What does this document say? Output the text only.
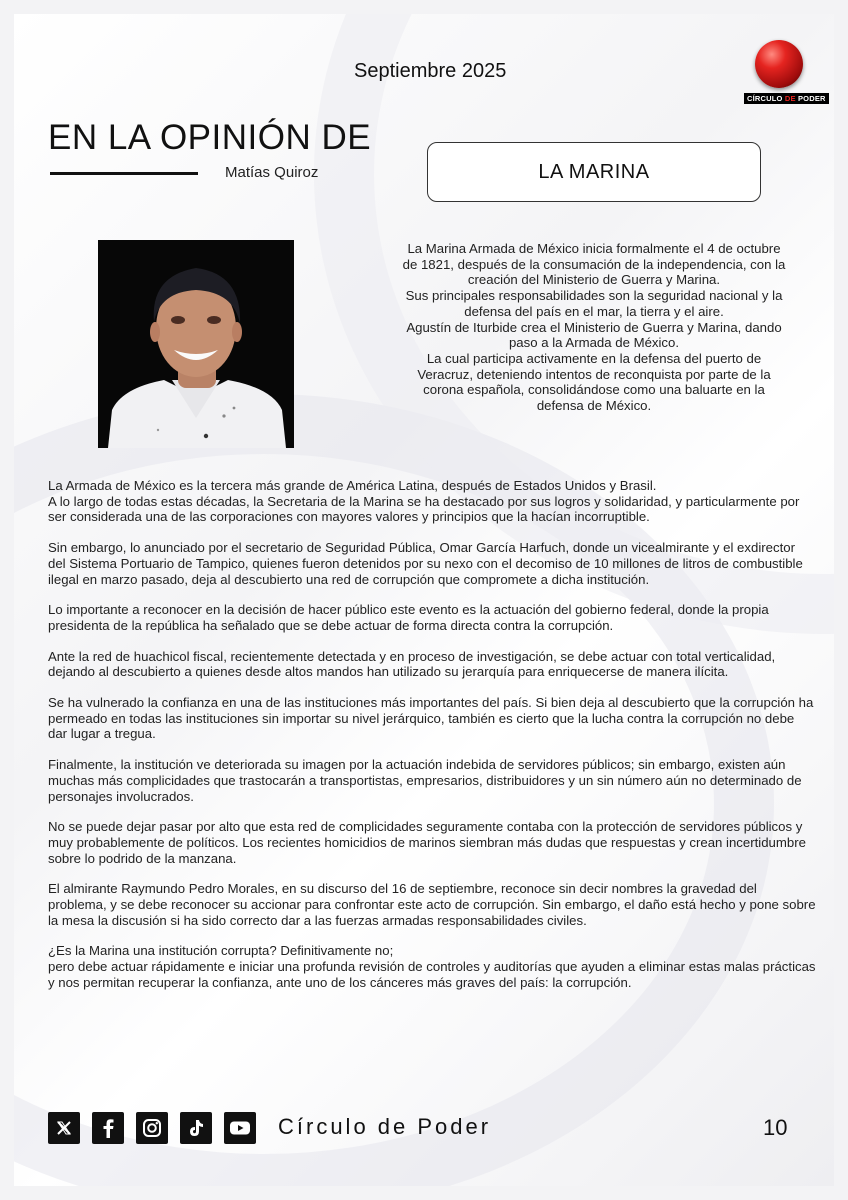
Septiembre 2025
CÍRCULO DE PODER
EN LA OPINIÓN DE
Matías Quiroz	LA MARINA
La Marina Armada de México inicia formalmente el 4 de octubre de 1821, después de la consumación de la independencia, con la creación del Ministerio de Guerra y Marina.
Sus principales responsabilidades son la seguridad nacional y la defensa del país en el mar, la tierra y el aire.
Agustín de Iturbide crea el Ministerio de Guerra y Marina, dando paso a la Armada de México.
La cual participa activamente en la defensa del puerto de Veracruz, deteniendo intentos de reconquista por parte de la corona española, consolidándose como una baluarte en la defensa de México.

La Armada de México es la tercera más grande de América Latina, después de Estados Unidos y Brasil.
A lo largo de todas estas décadas, la Secretaria de la Marina se ha destacado por sus logros y solidaridad, y particularmente por ser considerada una de las corporaciones con mayores valores y principios que la hacían incorruptible.

Sin embargo, lo anunciado por el secretario de Seguridad Pública, Omar García Harfuch, donde un vicealmirante y el exdirector del Sistema Portuario de Tampico, quienes fueron detenidos por su nexo con el decomiso de 10 millones de litros de combustible ilegal en marzo pasado, deja al descubierto una red de corrupción que compromete a dicha institución.

Lo importante a reconocer en la decisión de hacer público este evento es la actuación del gobierno federal, donde la propia presidenta de la república ha señalado que se debe actuar de forma directa contra la corrupción.

Ante la red de huachicol fiscal, recientemente detectada y en proceso de investigación, se debe actuar con total verticalidad, dejando al descubierto a quienes desde altos mandos han utilizado su jerarquía para enriquecerse de manera ilícita.

Se ha vulnerado la confianza en una de las instituciones más importantes del país. Si bien deja al descubierto que la corrupción ha permeado en todas las instituciones sin importar su nivel jerárquico, también es cierto que la lucha contra la corrupción no debe dar lugar a tregua.

Finalmente, la institución ve deteriorada su imagen por la actuación indebida de servidores públicos; sin embargo, existen aún muchas más complicidades que trastocarán a transportistas, empresarios, distribuidores y un sin número aún no determinado de personajes involucrados.

No se puede dejar pasar por alto que esta red de complicidades seguramente contaba con la protección de servidores públicos y muy probablemente de políticos. Los recientes homicidios de marinos siembran más dudas que respuestas y crean incertidumbre sobre lo podrido de la manzana.

El almirante Raymundo Pedro Morales, en su discurso del 16 de septiembre, reconoce sin decir nombres la gravedad del problema, y se debe reconocer su accionar para confrontar este acto de corrupción. Sin embargo, el daño está hecho y pone sobre la mesa la discusión si ha sido correcto dar a las fuerzas armadas responsabilidades civiles.

¿Es la Marina una institución corrupta? Definitivamente no;
pero debe actuar rápidamente e iniciar una profunda revisión de controles y auditorías que ayuden a eliminar estas malas prácticas y nos permitan recuperar la confianza, ante uno de los cánceres más graves del país: la corrupción.

Círculo de Poder	10
